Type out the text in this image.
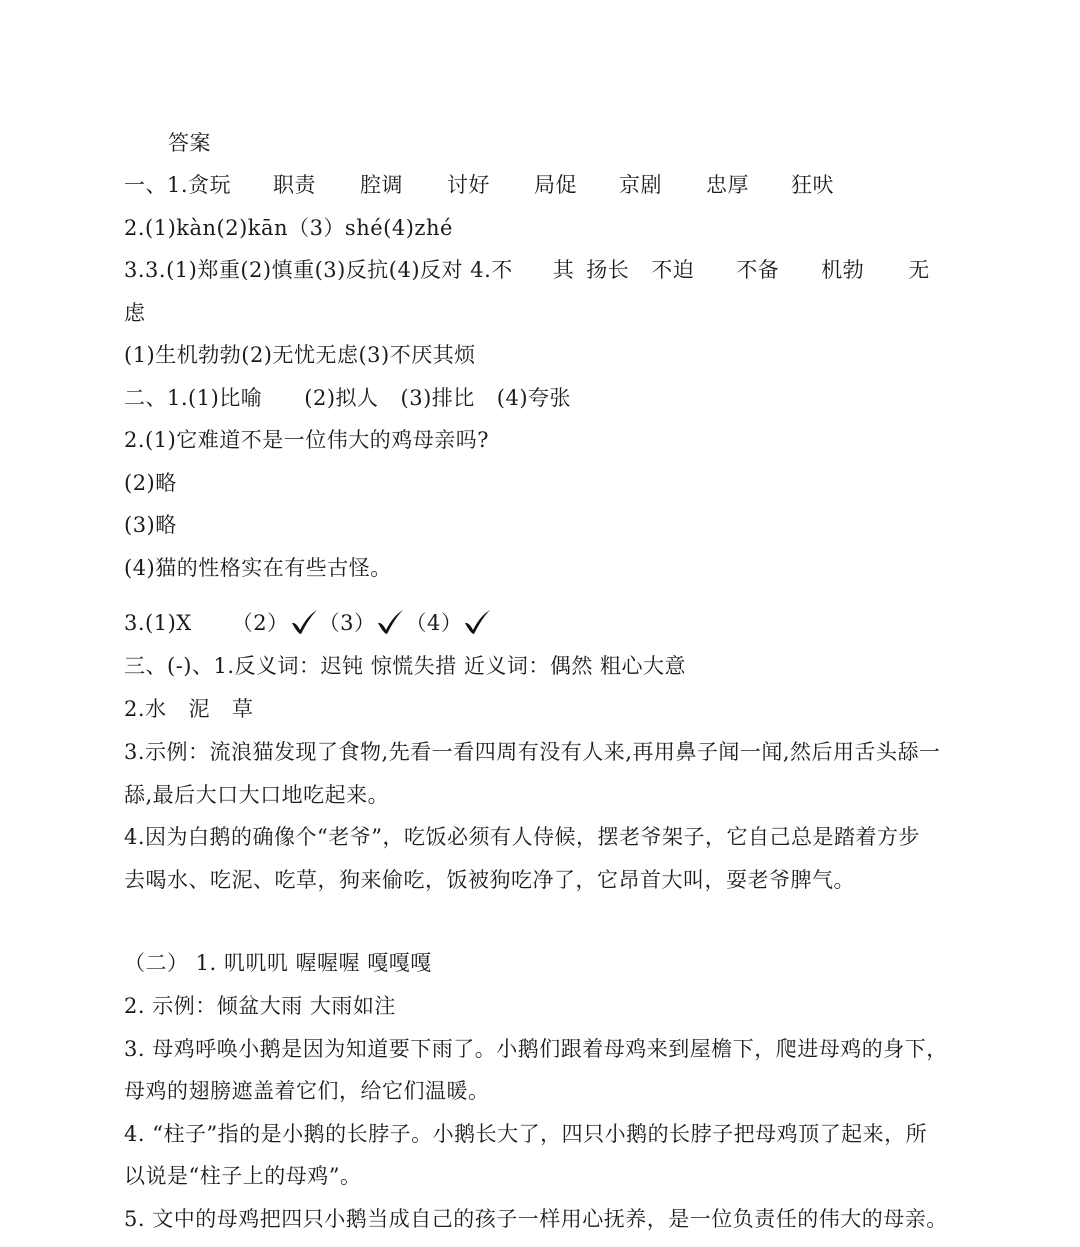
答案
一、1.贪玩 职责 腔调 讨好 局促 京剧 忠厚 狂吠
2.(1)kàn(2)kān（3）shé(4)zhé
3.3.(1)郑重(2)慎重(3)反抗(4)反对 4.不 其 扬长 不迫 不备 机勃 无
虑
(1)生机勃勃(2)无忧无虑(3)不厌其烦
二、1.(1)比喻 (2)拟人 (3)排比 (4)夸张
2.(1)它难道不是一位伟大的鸡母亲吗?
(2)略
(3)略
(4)猫的性格实在有些古怪。
3.(1)X （2） （3） （4）
三、(-)、1.反义词：迟钝 惊慌失措 近义词：偶然 粗心大意
2.水 泥 草
3.示例：流浪猫发现了食物,先看一看四周有没有人来,再用鼻子闻一闻,然后用舌头舔一
舔,最后大口大口地吃起来。
4.因为白鹅的确像个“老爷”，吃饭必须有人侍候，摆老爷架子，它自己总是踏着方步
去喝水、吃泥、吃草，狗来偷吃，饭被狗吃净了，它昂首大叫，耍老爷脾气。
（二） 1. 叽叽叽 喔喔喔 嘎嘎嘎
2. 示例：倾盆大雨 大雨如注
3. 母鸡呼唤小鹅是因为知道要下雨了。小鹅们跟着母鸡来到屋檐下，爬进母鸡的身下，
母鸡的翅膀遮盖着它们，给它们温暖。
4. “柱子”指的是小鹅的长脖子。小鹅长大了，四只小鹅的长脖子把母鸡顶了起来，所
以说是“柱子上的母鸡”。
5. 文中的母鸡把四只小鹅当成自己的孩子一样用心抚养，是一位负责任的伟大的母亲。
